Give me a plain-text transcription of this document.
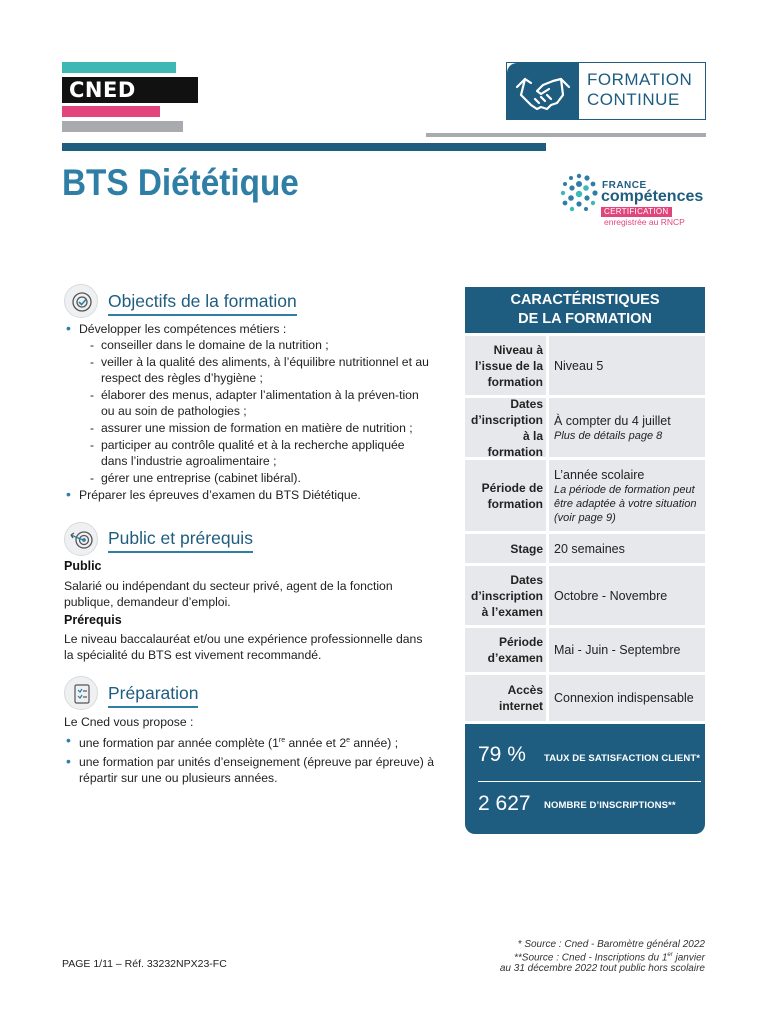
CNED	FORMATION
CONTINUE
BTS Diététique	FRANCE
compétences
CERTIFICATION
enregistrée au RNCP
Objectifs de la formation
• Développer les compétences métiers :
- conseiller dans le domaine de la nutrition ;
- veiller à la qualité des aliments, à l’équilibre nutritionnel et au respect des règles d’hygiène ;
- élaborer des menus, adapter l’alimentation à la préven-tion ou au soin de pathologies ;
- assurer une mission de formation en matière de nutrition ;
- participer au contrôle qualité et à la recherche appliquée dans l’industrie agroalimentaire ;
- gérer une entreprise (cabinet libéral).
• Préparer les épreuves d’examen du BTS Diététique.
Public et prérequis
Public
Salarié ou indépendant du secteur privé, agent de la fonction publique, demandeur d’emploi.
Prérequis
Le niveau baccalauréat et/ou une expérience professionnelle dans la spécialité du BTS est vivement recommandé.
Préparation
Le Cned vous propose :
• une formation par année complète (1re année et 2e année) ;
• une formation par unités d’enseignement (épreuve par épreuve) à répartir sur une ou plusieurs années.
CARACTÉRISTIQUES
DE LA FORMATION
Niveau à l’issue de la formation
Niveau 5
Dates d’inscription à la formation
À compter du 4 juillet
Plus de détails page 8
Période de formation
L’année scolaire
La période de formation peut être adaptée à votre situation (voir page 9)
Stage 20 semaines
Dates d’inscription à l’examen
Octobre - Novembre
Période d’examen
Mai - Juin - Septembre
Accès internet
Connexion indispensable
79 % TAUX DE SATISFACTION CLIENT*
2 627 NOMBRE D’INSCRIPTIONS**
* Source : Cned - Baromètre général 2022
**Source : Cned - Inscriptions du 1er janvier
au 31 décembre 2022 tout public hors scolaire
PAGE 1/11 – Réf. 33232NPX23-FC
